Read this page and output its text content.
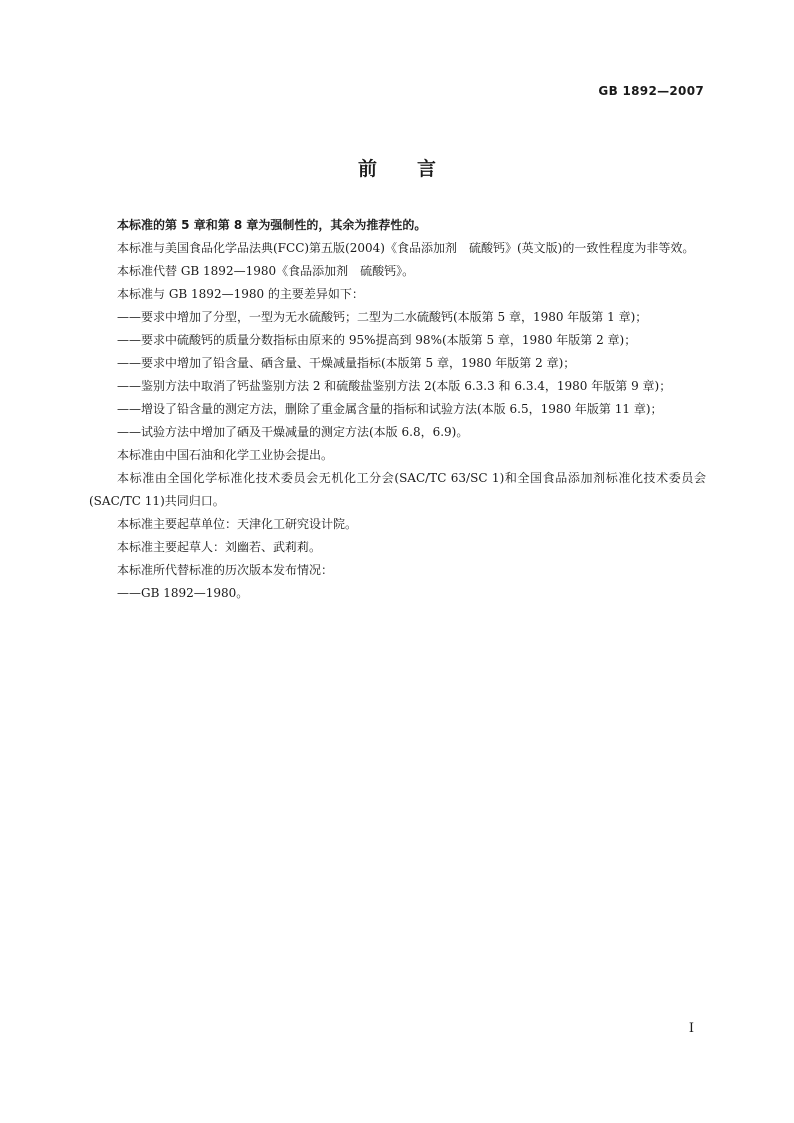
GB 1892—2007
前言

本标准的第 5 章和第 8 章为强制性的，其余为推荐性的。

本标准与美国食品化学品法典(FCC)第五版(2004)《食品添加剂　硫酸钙》(英文版)的一致性程度为非等效。

本标准代替 GB 1892—1980《食品添加剂　硫酸钙》。

本标准与 GB 1892—1980 的主要差异如下：

——要求中增加了分型，一型为无水硫酸钙；二型为二水硫酸钙(本版第 5 章，1980 年版第 1 章)；

——要求中硫酸钙的质量分数指标由原来的 95%提高到 98%(本版第 5 章，1980 年版第 2 章)；

——要求中增加了铅含量、硒含量、干燥减量指标(本版第 5 章，1980 年版第 2 章)；

——鉴别方法中取消了钙盐鉴别方法 2 和硫酸盐鉴别方法 2(本版 6.3.3 和 6.3.4，1980 年版第 9 章)；

——增设了铅含量的测定方法，删除了重金属含量的指标和试验方法(本版 6.5，1980 年版第 11 章)；

——试验方法中增加了硒及干燥减量的测定方法(本版 6.8，6.9)。

本标准由中国石油和化学工业协会提出。

本标准由全国化学标准化技术委员会无机化工分会(SAC/TC 63/SC 1)和全国食品添加剂标准化技术委员会(SAC/TC 11)共同归口。

本标准主要起草单位：天津化工研究设计院。

本标准主要起草人：刘幽若、武莉莉。

本标准所代替标准的历次版本发布情况：

——GB 1892—1980。

I
